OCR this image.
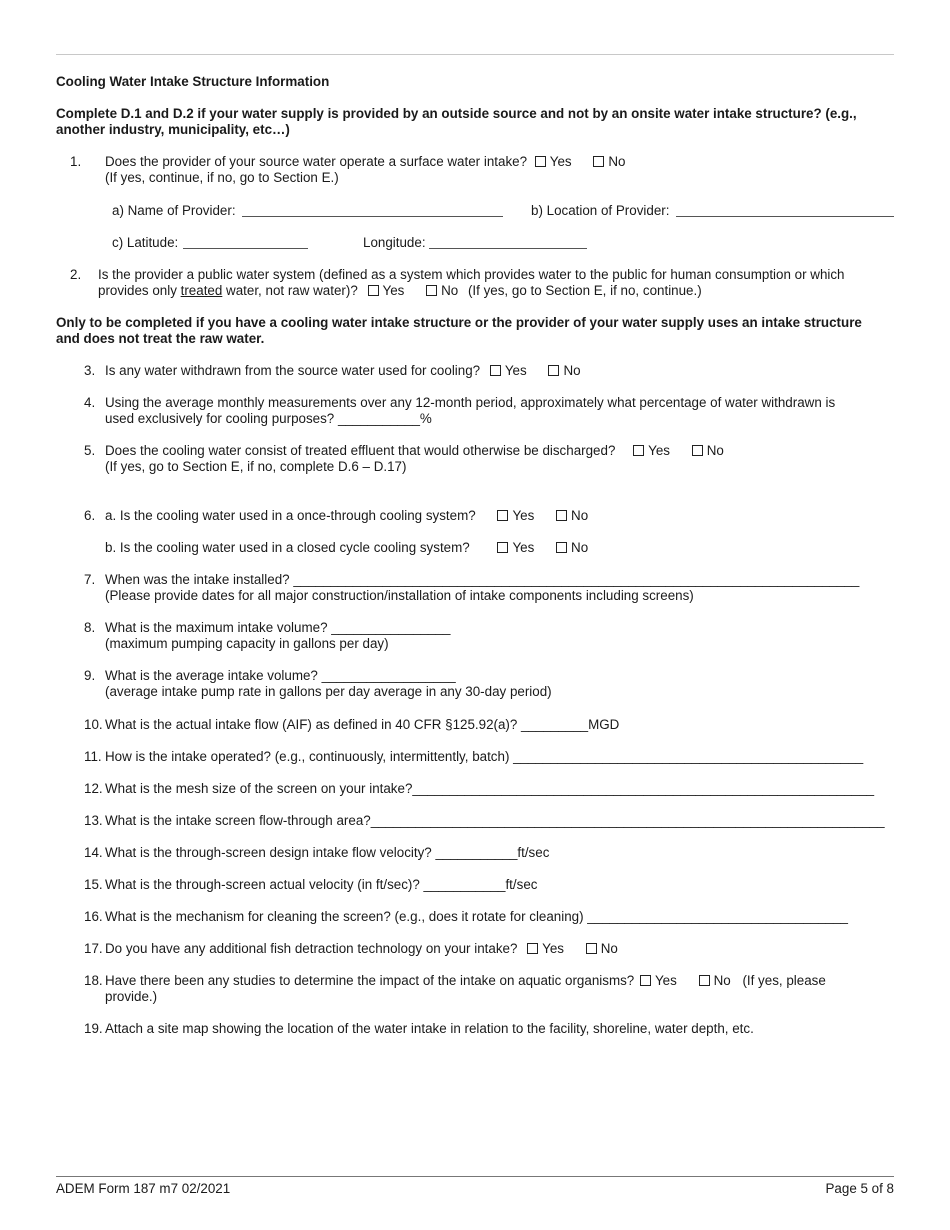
Cooling Water Intake Structure Information
Complete D.1 and D.2 if your water supply is provided by an outside source and not by an onsite water intake structure? (e.g.,
another industry, municipality, etc…)
1. Does the provider of your source water operate a surface water intake? Yes	No
(If yes, continue, if no, go to Section E.)
a) Name of Provider:	b) Location of Provider:
c) Latitude:	Longitude:
2. Is the provider a public water system (defined as a system which provides water to the public for human consumption or which
provides only treated water, not raw water)? Yes	No (If yes, go to Section E, if no, continue.)
Only to be completed if you have a cooling water intake structure or the provider of your water supply uses an intake structure
and does not treat the raw water.
3. Is any water withdrawn from the source water used for cooling? Yes	No
4. Using the average monthly measurements over any 12-month period, approximately what percentage of water withdrawn is
used exclusively for cooling purposes? ___________%
5. Does the cooling water consist of treated effluent that would otherwise be discharged? Yes	No
(If yes, go to Section E, if no, complete D.6 – D.17)
6. a. Is the cooling water used in a once-through cooling system?	Yes	No
b. Is the cooling water used in a closed cycle cooling system?	Yes	No
7. When was the intake installed? ____________________________________________________________________________
(Please provide dates for all major construction/installation of intake components including screens)
8. What is the maximum intake volume? ________________
(maximum pumping capacity in gallons per day)
9. What is the average intake volume? __________________
(average intake pump rate in gallons per day average in any 30-day period)
10. What is the actual intake flow (AIF) as defined in 40 CFR §125.92(a)? _________MGD
11. How is the intake operated? (e.g., continuously, intermittently, batch) _______________________________________________
12. What is the mesh size of the screen on your intake?______________________________________________________________
13. What is the intake screen flow-through area?_____________________________________________________________________
14. What is the through-screen design intake flow velocity? ___________ft/sec
15. What is the through-screen actual velocity (in ft/sec)? ___________ft/sec
16. What is the mechanism for cleaning the screen? (e.g., does it rotate for cleaning) ___________________________________
17. Do you have any additional fish detraction technology on your intake? Yes	No
18. Have there been any studies to determine the impact of the intake on aquatic organisms? Yes	No (If yes, please
provide.)
19. Attach a site map showing the location of the water intake in relation to the facility, shoreline, water depth, etc.
ADEM Form 187 m7 02/2021	Page 5 of 8
